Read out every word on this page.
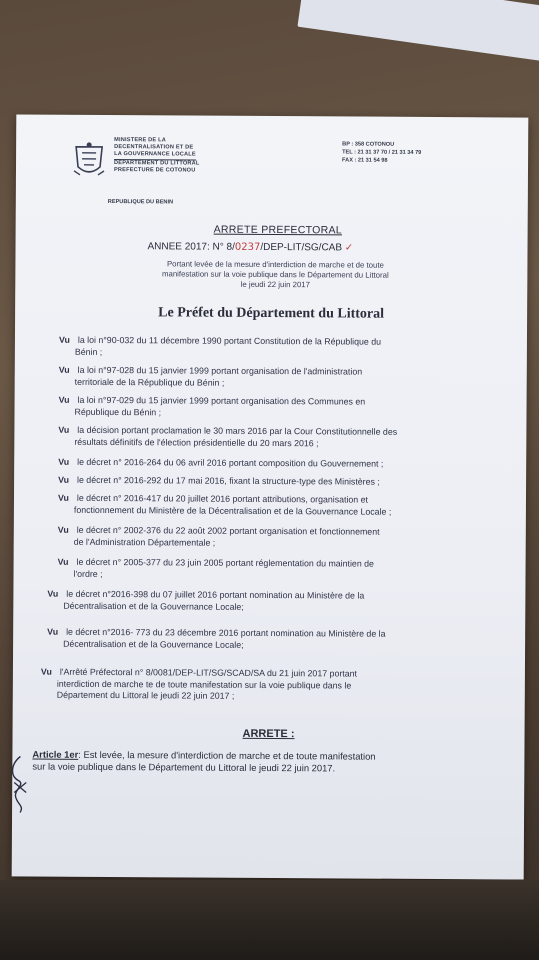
MINISTERE DE LA
DECENTRALISATION ET DE
LA GOUVERNANCE LOCALE
DEPARTEMENT DU LITTORAL
PREFECTURE DE COTONOU
BP : 358 COTONOU
TEL : 21 31 37 70 / 21 31 34 79
FAX : 21 31 54 98
REPUBLIQUE DU BENIN
ARRETE PREFECTORAL
ANNEE 2017: N° 8/0237/DEP-LIT/SG/CAB ✓
Portant levée de la mesure d'interdiction de marche et de toute
manifestation sur la voie publique dans le Département du Littoral
le jeudi 22 juin 2017
Le Préfet du Département du Littoral
Vu la loi n°90-032 du 11 décembre 1990 portant Constitution de la République du
Bénin ;
Vu la loi n°97-028 du 15 janvier 1999 portant organisation de l'administration
territoriale de la République du Bénin ;
Vu la loi n°97-029 du 15 janvier 1999 portant organisation des Communes en
République du Bénin ;
Vu la décision portant proclamation le 30 mars 2016 par la Cour Constitutionnelle des
résultats définitifs de l'élection présidentielle du 20 mars 2016 ;
Vu le décret n° 2016-264 du 06 avril 2016 portant composition du Gouvernement ;
Vu le décret n° 2016-292 du 17 mai 2016, fixant la structure-type des Ministères ;
Vu le décret n° 2016-417 du 20 juillet 2016 portant attributions, organisation et
fonctionnement du Ministère de la Décentralisation et de la Gouvernance Locale ;
Vu le décret n° 2002-376 du 22 août 2002 portant organisation et fonctionnement
de l'Administration Départementale ;
Vu le décret n° 2005-377 du 23 juin 2005 portant réglementation du maintien de
l'ordre ;
Vu le décret n°2016-398 du 07 juillet 2016 portant nomination au Ministère de la
Décentralisation et de la Gouvernance Locale;
Vu le décret n°2016- 773 du 23 décembre 2016 portant nomination au Ministère de la
Décentralisation et de la Gouvernance Locale;
Vu l'Arrêté Préfectoral n° 8/0081/DEP-LIT/SG/SCAD/SA du 21 juin 2017 portant
interdiction de marche te de toute manifestation sur la voie publique dans le
Département du Littoral le jeudi 22 juin 2017 ;
ARRETE :
Article 1er: Est levée, la mesure d'interdiction de marche et de toute manifestation
sur la voie publique dans le Département du Littoral le jeudi 22 juin 2017.
